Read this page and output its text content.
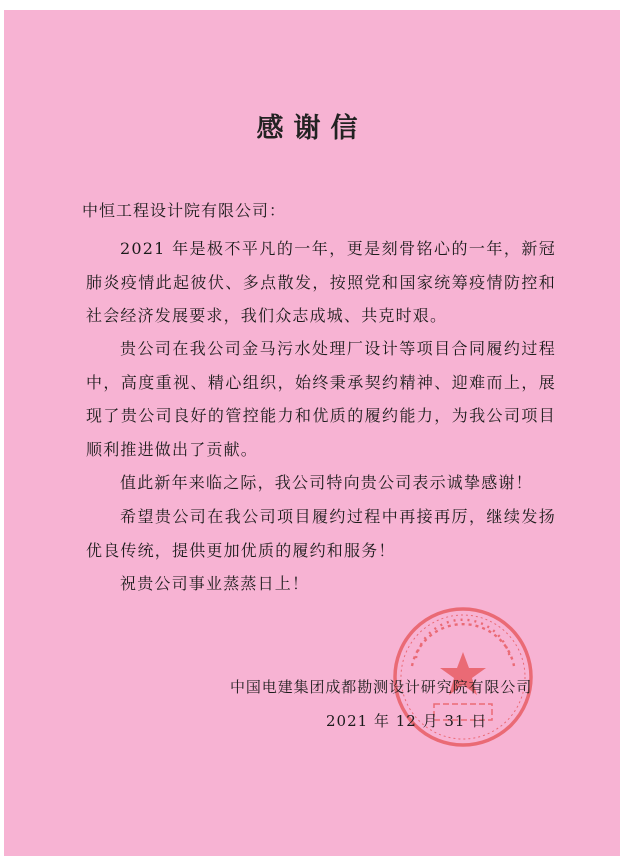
感谢信
中恒工程设计院有限公司：

2021 年是极不平凡的一年，更是刻骨铭心的一年，新冠肺炎疫情此起彼伏、多点散发，按照党和国家统筹疫情防控和社会经济发展要求，我们众志成城、共克时艰。

贵公司在我公司金马污水处理厂设计等项目合同履约过程中，高度重视、精心组织，始终秉承契约精神、迎难而上，展现了贵公司良好的管控能力和优质的履约能力，为我公司项目顺利推进做出了贡献。

值此新年来临之际，我公司特向贵公司表示诚挚感谢！

希望贵公司在我公司项目履约过程中再接再厉，继续发扬优良传统，提供更加优质的履约和服务！

祝贵公司事业蒸蒸日上！

中国电建集团成都勘测设计研究院有限公司
2021 年 12 月 31 日
